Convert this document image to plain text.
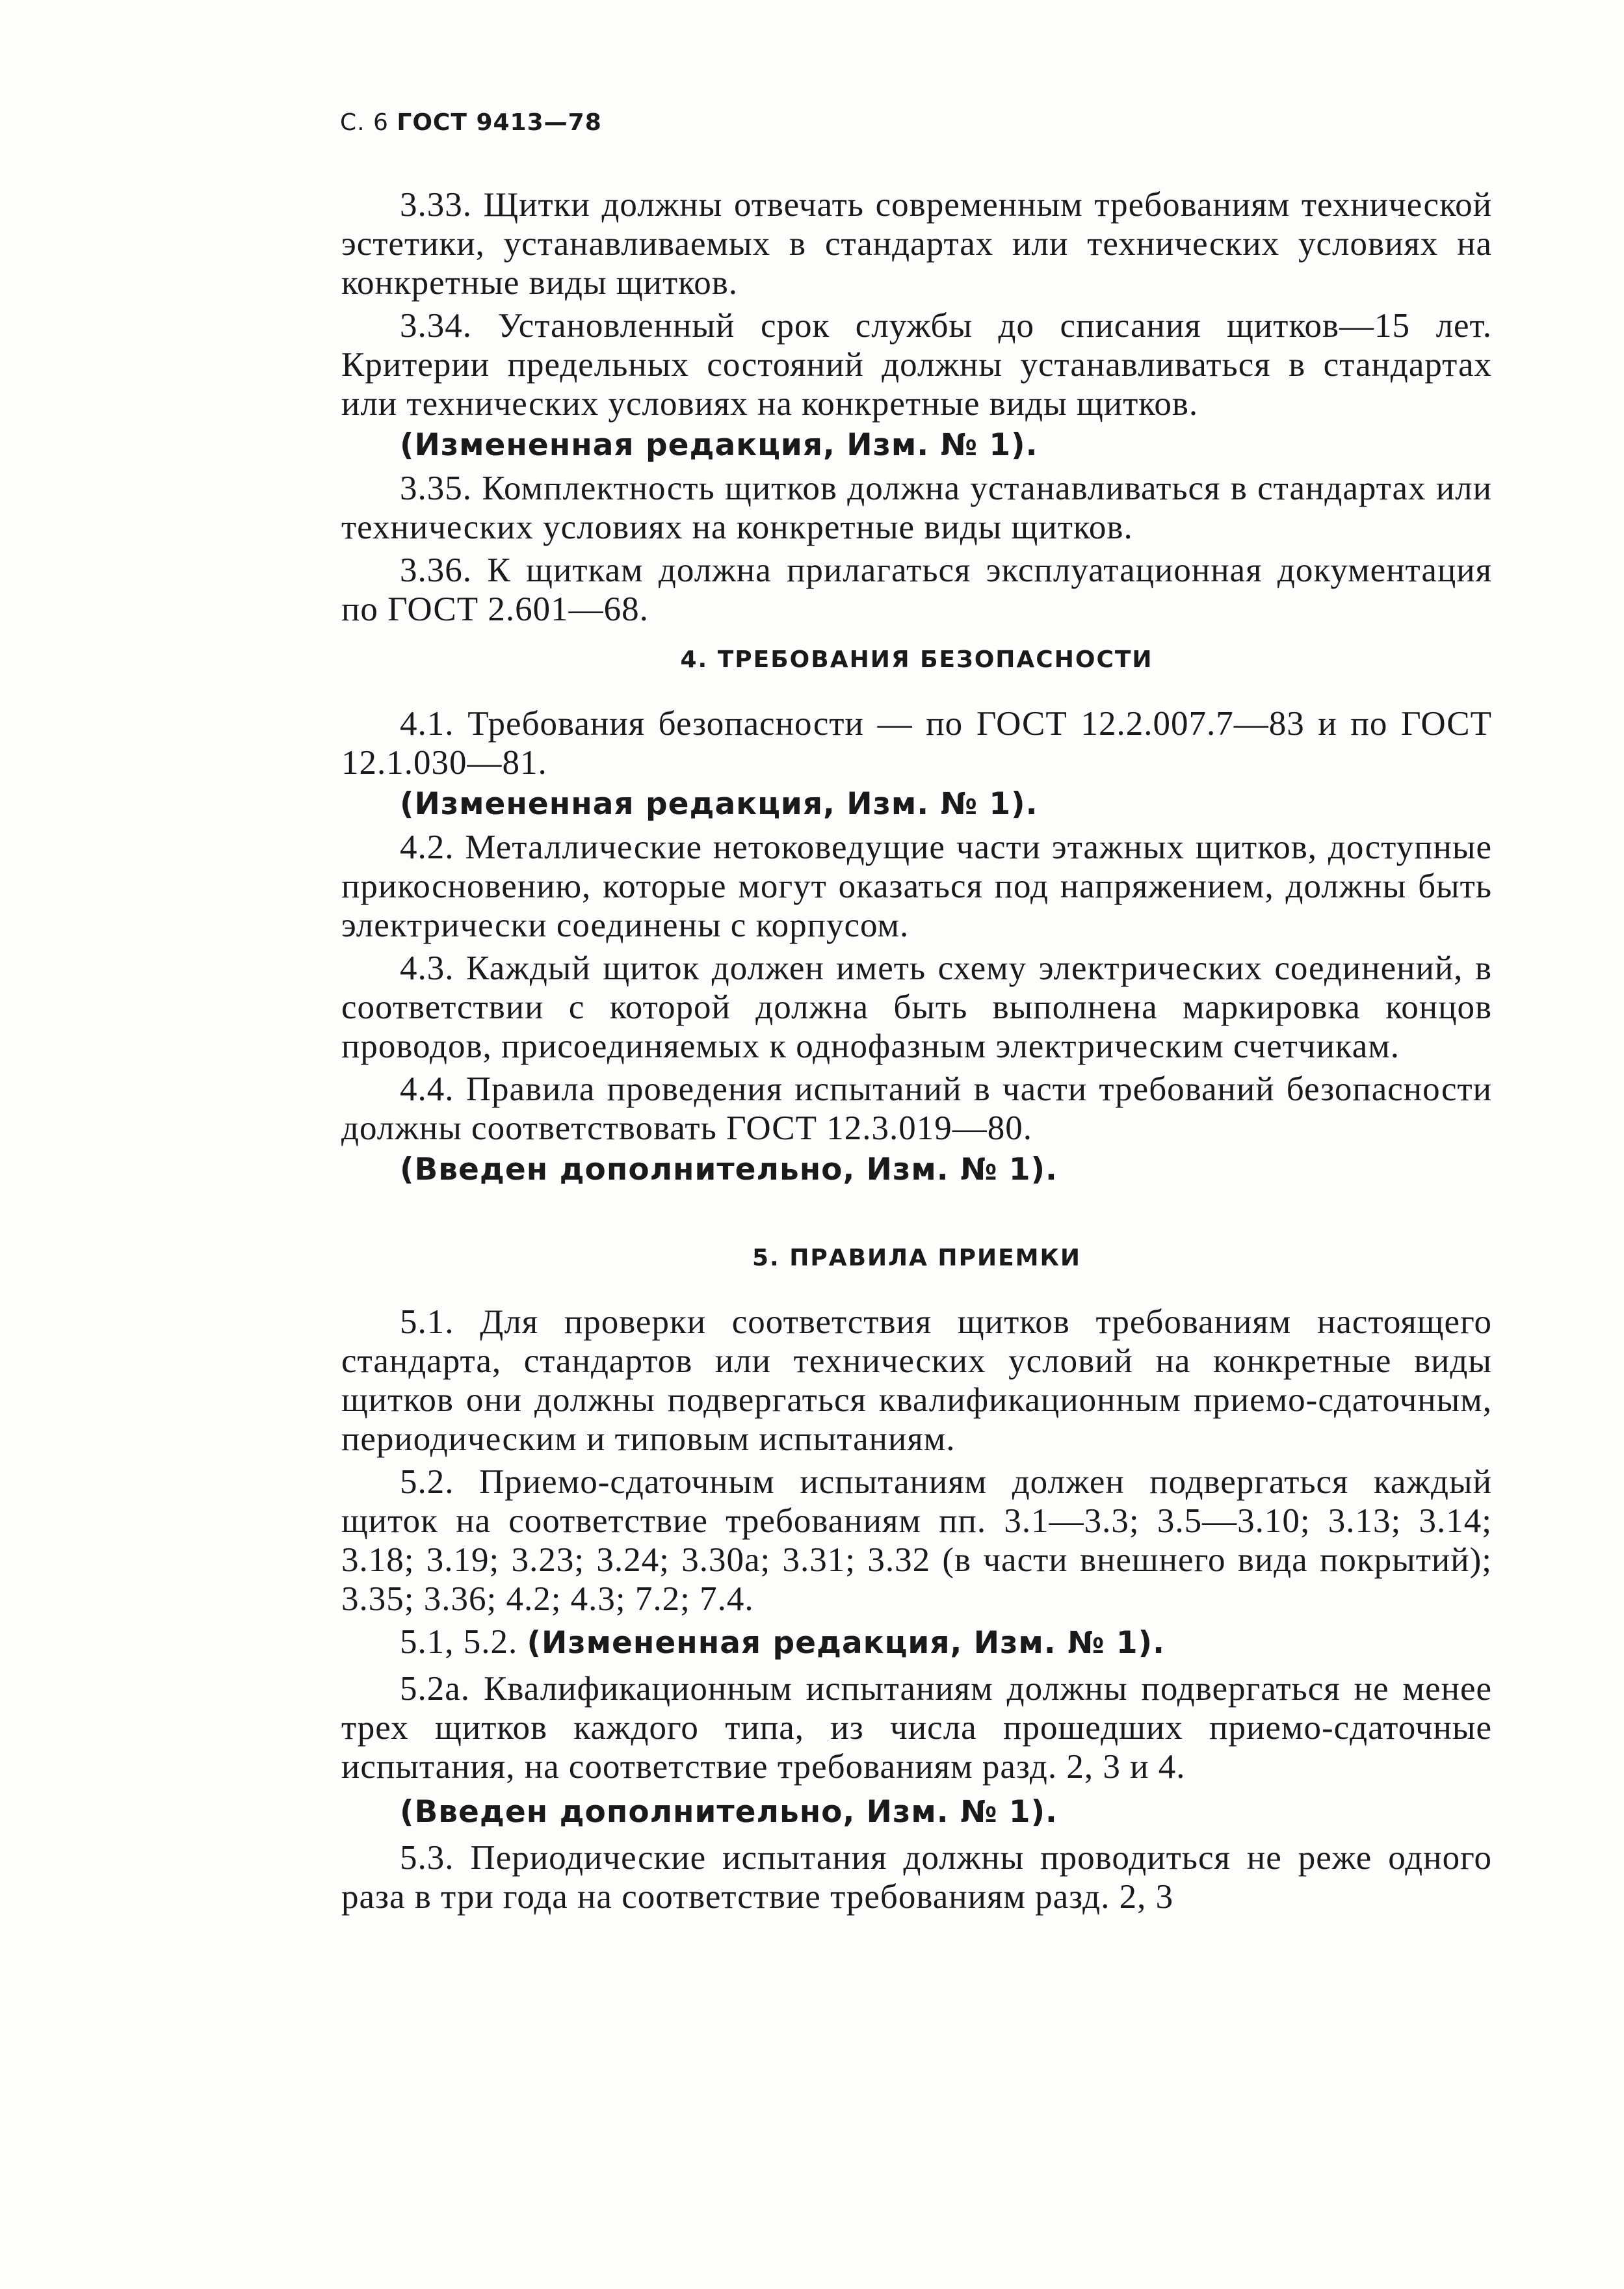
С. 6 ГОСТ 9413—78

3.33. Щитки должны отвечать современным требованиям технической эстетики, устанавливаемых в стандартах или технических условиях на конкретные виды щитков.

3.34. Установленный срок службы до списания щитков—15 лет. Критерии предельных состояний должны устанавливаться в стандартах или технических условиях на конкретные виды щитков.

(Измененная редакция, Изм. № 1).

3.35. Комплектность щитков должна устанавливаться в стандартах или технических условиях на конкретные виды щитков.

3.36. К щиткам должна прилагаться эксплуатационная документация по ГОСТ 2.601—68.

4. ТРЕБОВАНИЯ БЕЗОПАСНОСТИ

4.1. Требования безопасности — по ГОСТ 12.2.007.7—83 и по ГОСТ 12.1.030—81.

(Измененная редакция, Изм. № 1).

4.2. Металлические нетоковедущие части этажных щитков, доступные прикосновению, которые могут оказаться под напряжением, должны быть электрически соединены с корпусом.

4.3. Каждый щиток должен иметь схему электрических соединений, в соответствии с которой должна быть выполнена маркировка концов проводов, присоединяемых к однофазным электрическим счетчикам.

4.4. Правила проведения испытаний в части требований безопасности должны соответствовать ГОСТ 12.3.019—80.

(Введен дополнительно, Изм. № 1).

5. ПРАВИЛА ПРИЕМКИ

5.1. Для проверки соответствия щитков требованиям настоящего стандарта, стандартов или технических условий на конкретные виды щитков они должны подвергаться квалификационным приемо-сдаточным, периодическим и типовым испытаниям.

5.2. Приемо-сдаточным испытаниям должен подвергаться каждый щиток на соответствие требованиям пп. 3.1—3.3; 3.5—3.10; 3.13; 3.14; 3.18; 3.19; 3.23; 3.24; 3.30а; 3.31; 3.32 (в части внешнего вида покрытий); 3.35; 3.36; 4.2; 4.3; 7.2; 7.4.

5.1, 5.2. (Измененная редакция, Изм. № 1).

5.2а. Квалификационным испытаниям должны подвергаться не менее трех щитков каждого типа, из числа прошедших приемо-сдаточные испытания, на соответствие требованиям разд. 2, 3 и 4.

(Введен дополнительно, Изм. № 1).

5.3. Периодические испытания должны проводиться не реже одного раза в три года на соответствие требованиям разд. 2, 3
